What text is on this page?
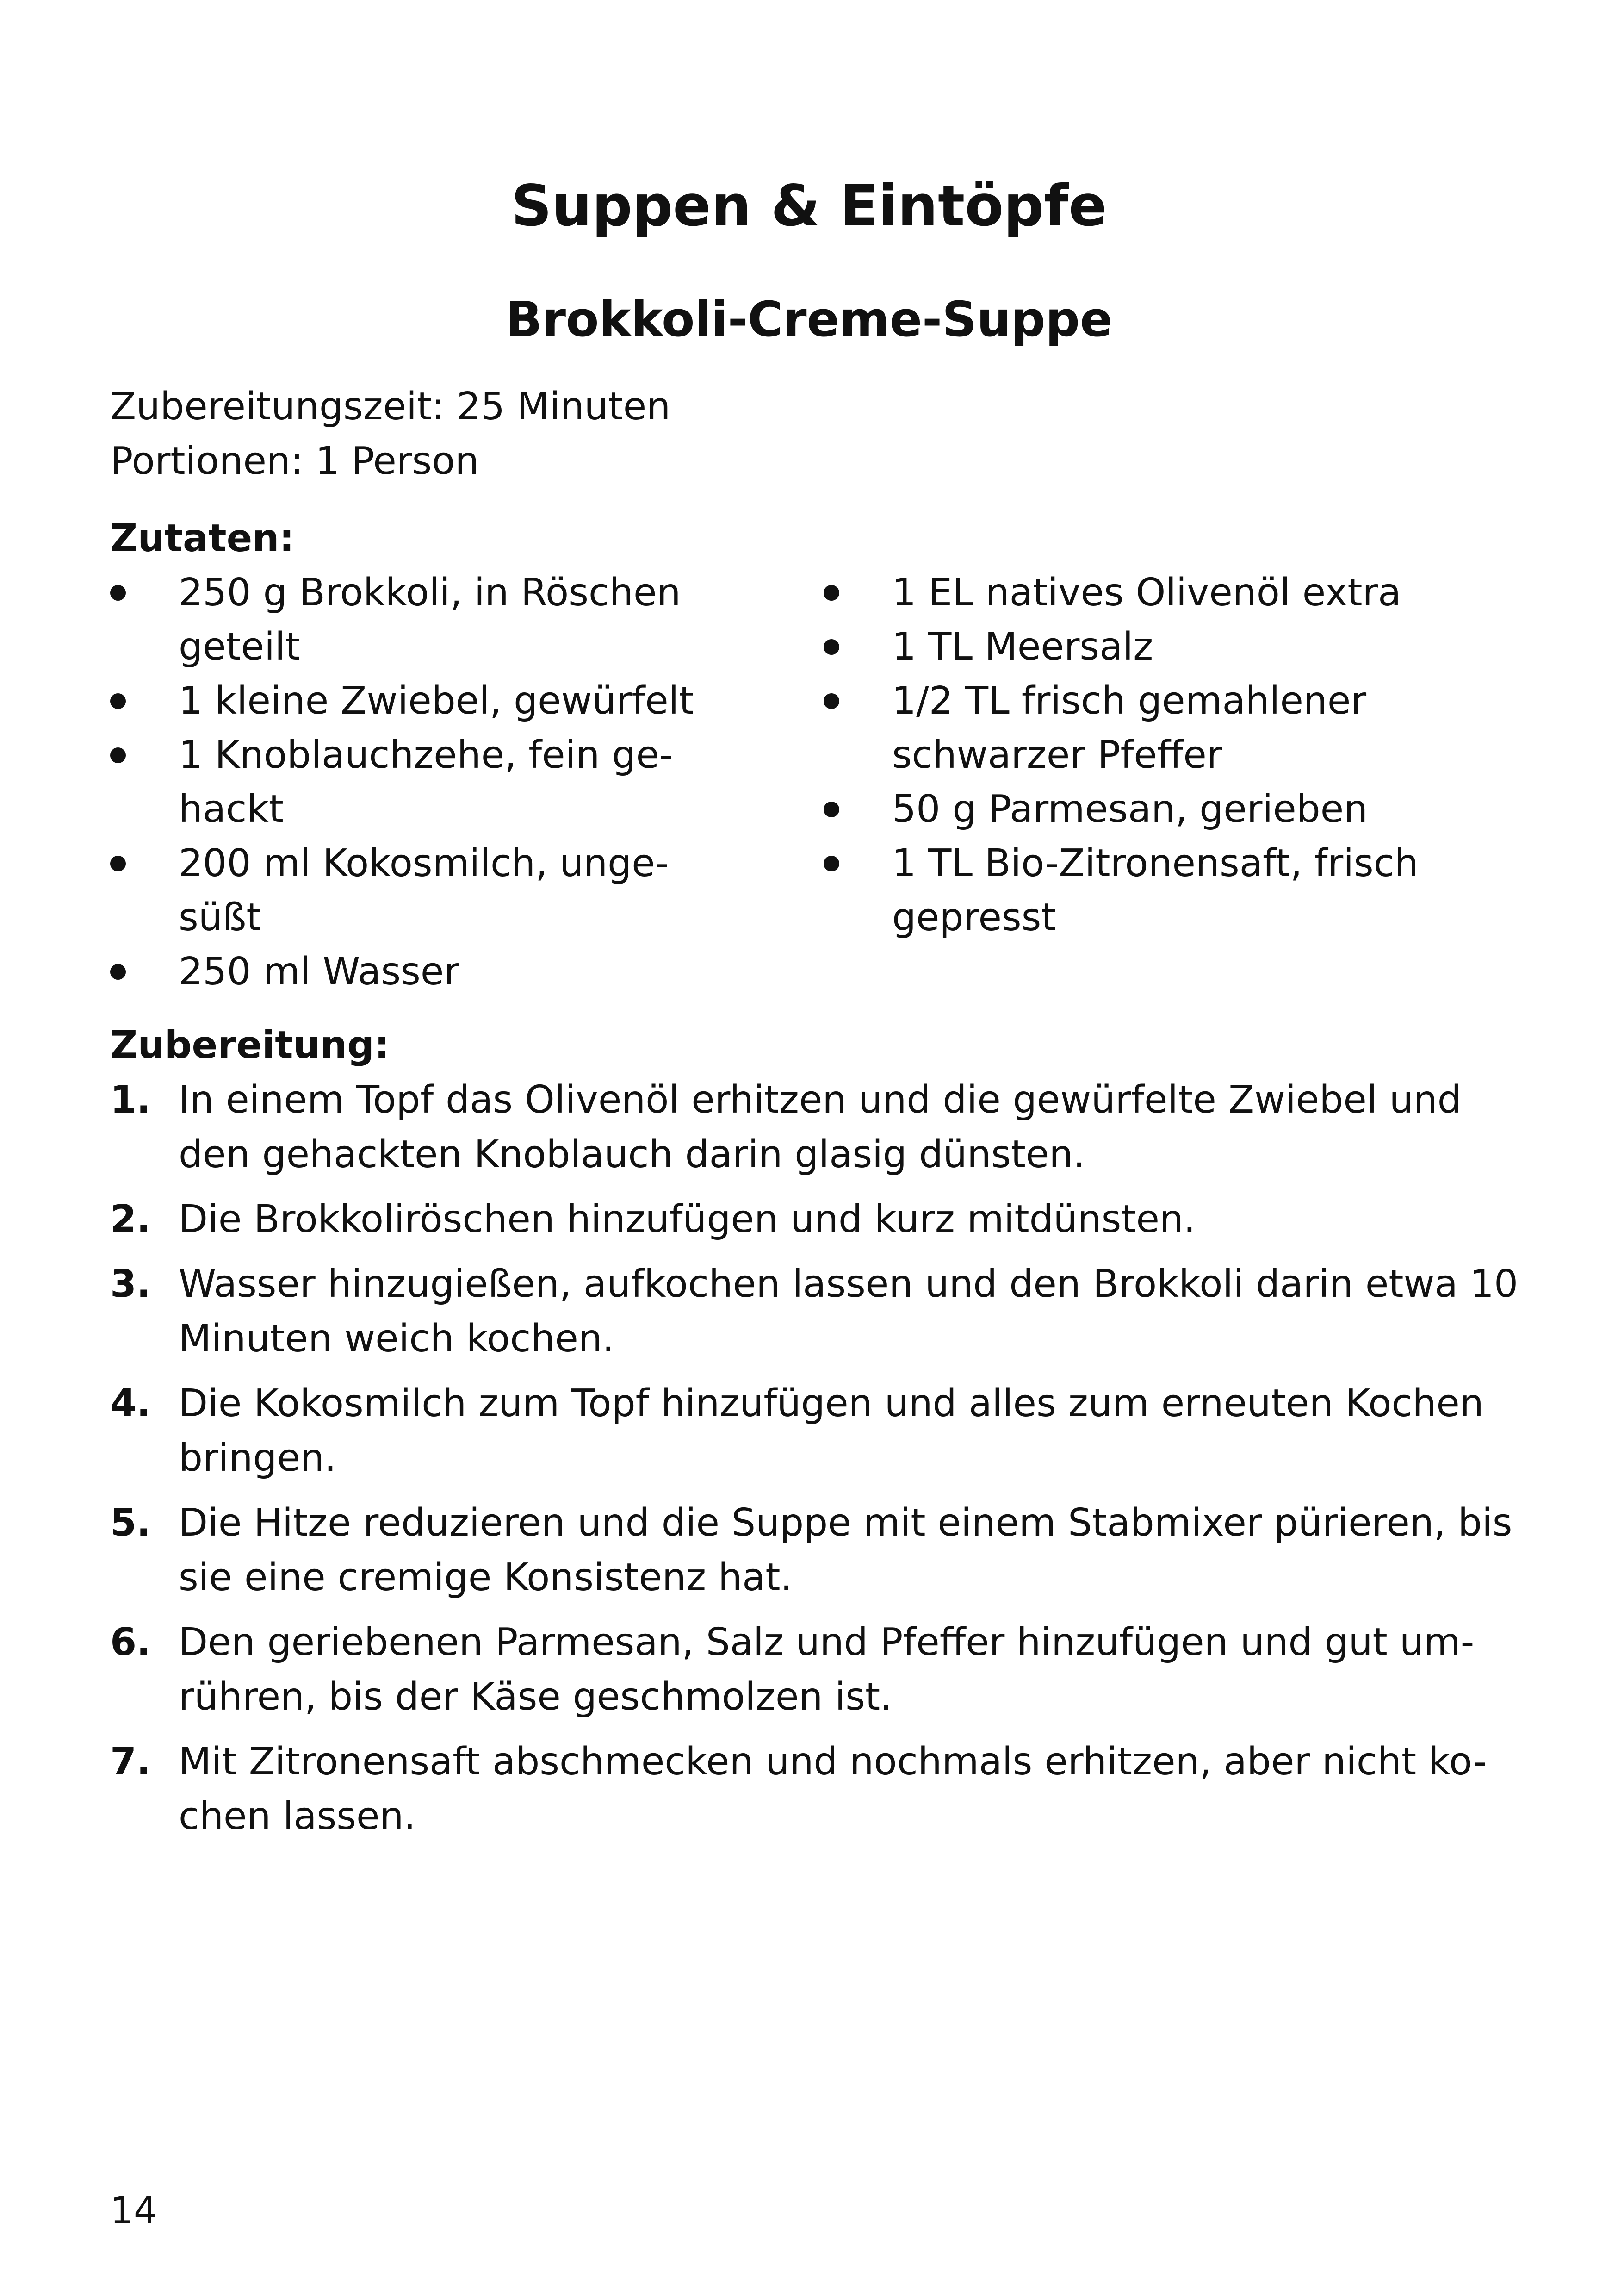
Suppen & Eintöpfe
Brokkoli-Creme-Suppe
Zubereitungszeit: 25 Minuten
Portionen: 1 Person
Zutaten:
250 g Brokkoli, in Röschen
geteilt
1 kleine Zwiebel, gewürfelt
1 Knoblauchzehe, fein ge-
hackt
200 ml Kokosmilch, unge-
süßt
250 ml Wasser
1 EL natives Olivenöl extra
1 TL Meersalz
1/2 TL frisch gemahlener
schwarzer Pfeffer
50 g Parmesan, gerieben
1 TL Bio-Zitronensaft, frisch
gepresst
Zubereitung:
1. In einem Topf das Olivenöl erhitzen und die gewürfelte Zwiebel und
den gehackten Knoblauch darin glasig dünsten.
2. Die Brokkoliröschen hinzufügen und kurz mitdünsten.
3. Wasser hinzugießen, aufkochen lassen und den Brokkoli darin etwa 10
Minuten weich kochen.
4. Die Kokosmilch zum Topf hinzufügen und alles zum erneuten Kochen
bringen.
5. Die Hitze reduzieren und die Suppe mit einem Stabmixer pürieren, bis
sie eine cremige Konsistenz hat.
6. Den geriebenen Parmesan, Salz und Pfeffer hinzufügen und gut um-
rühren, bis der Käse geschmolzen ist.
7. Mit Zitronensaft abschmecken und nochmals erhitzen, aber nicht ko-
chen lassen.
14
